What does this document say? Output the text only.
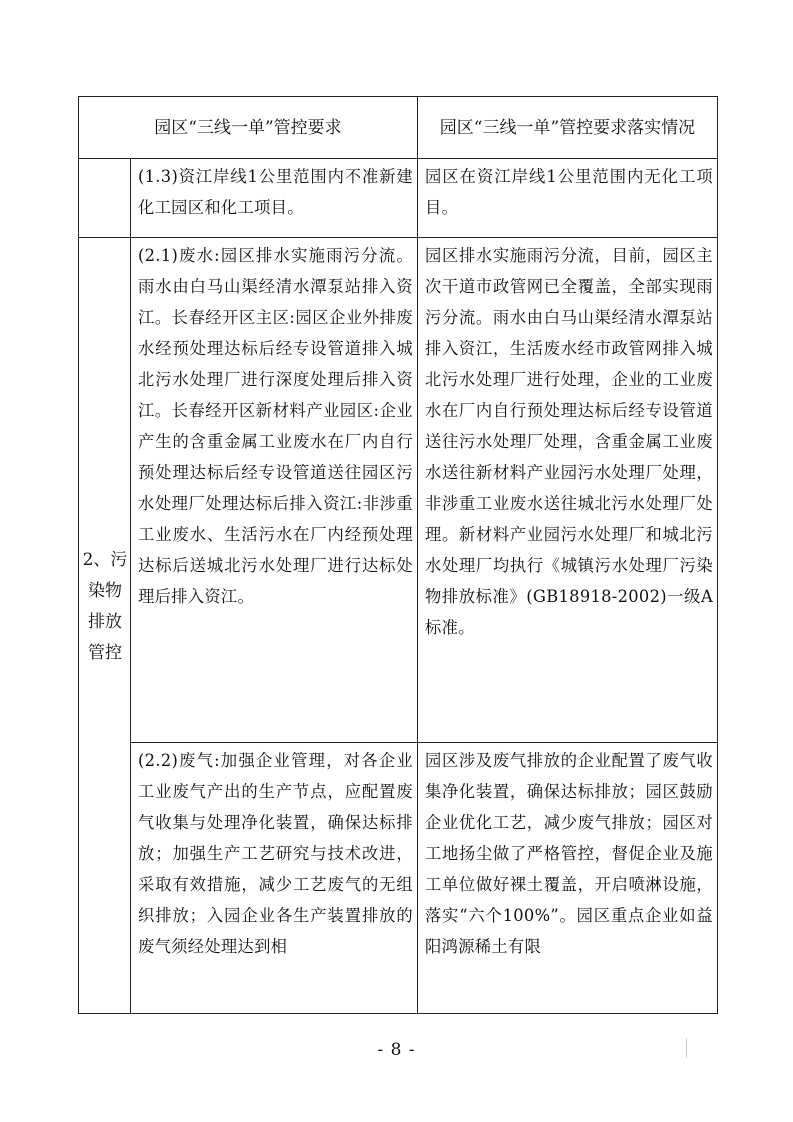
园区“三线一单”管控要求	园区“三线一单”管控要求落实情况
(1.3)资江岸线1公里范围内不准新建化工园区和化工项目。
园区在资江岸线1公里范围内无化工项目。
2、污染物排放管控
(2.1)废水:园区排水实施雨污分流。雨水由白马山渠经清水潭泵站排入资江。长春经开区主区:园区企业外排废水经预处理达标后经专设管道排入城北污水处理厂进行深度处理后排入资江。长春经开区新材料产业园区:企业产生的含重金属工业废水在厂内自行预处理达标后经专设管道送往园区污水处理厂处理达标后排入资江:非涉重工业废水、生活污水在厂内经预处理达标后送城北污水处理厂进行达标处理后排入资江。
园区排水实施雨污分流，目前，园区主次干道市政管网已全覆盖，全部实现雨污分流。雨水由白马山渠经清水潭泵站排入资江，生活废水经市政管网排入城北污水处理厂进行处理，企业的工业废水在厂内自行预处理达标后经专设管道送往污水处理厂处理，含重金属工业废水送往新材料产业园污水处理厂处理，非涉重工业废水送往城北污水处理厂处理。新材料产业园污水处理厂和城北污水处理厂均执行《城镇污水处理厂污染物排放标准》(GB18918-2002)一级A标准。
(2.2)废气:加强企业管理，对各企业工业废气产出的生产节点，应配置废气收集与处理净化装置，确保达标排放；加强生产工艺研究与技术改进，采取有效措施，减少工艺废气的无组织排放；入园企业各生产装置排放的废气须经处理达到相
园区涉及废气排放的企业配置了废气收集净化装置，确保达标排放；园区鼓励企业优化工艺，减少废气排放；园区对工地扬尘做了严格管控，督促企业及施工单位做好裸土覆盖，开启喷淋设施，落实“六个100%”。园区重点企业如益阳鸿源稀土有限
- 8 -
